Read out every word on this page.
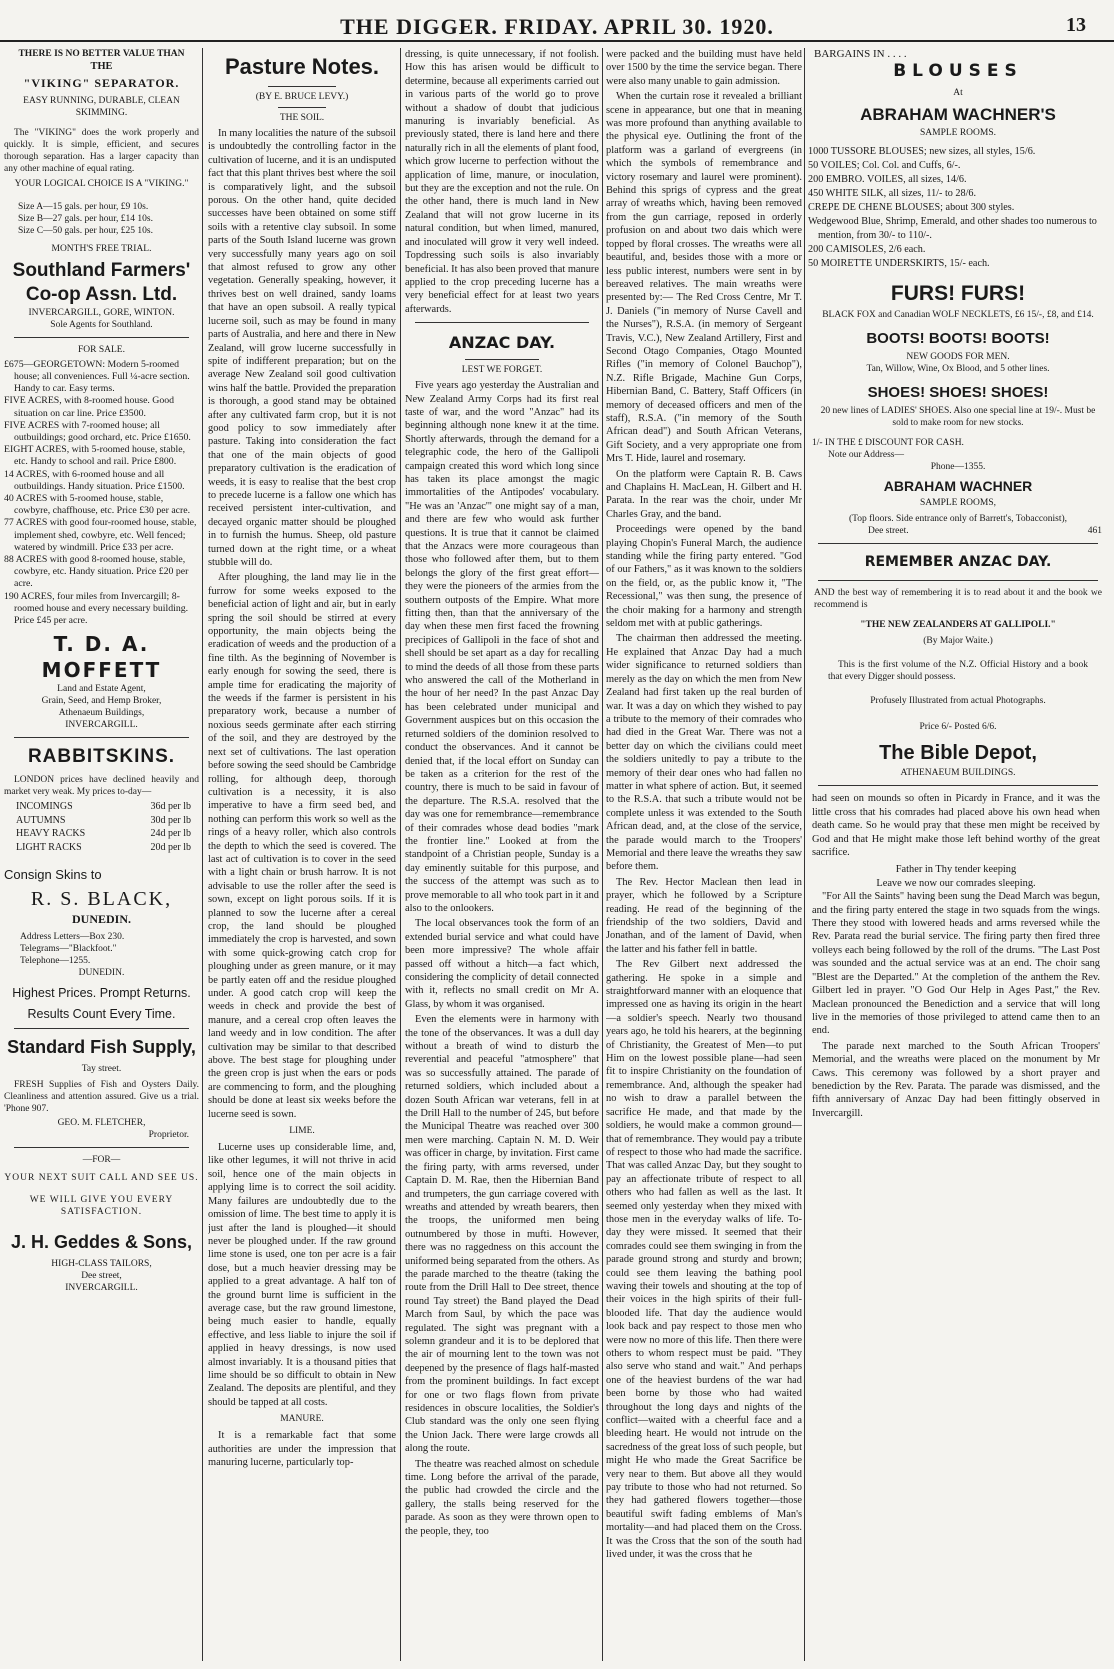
THE DIGGER. FRIDAY. APRIL 30. 1920.	13
THERE IS NO BETTER VALUE THAN
THE
"VIKING" SEPARATOR.
EASY RUNNING, DURABLE, CLEAN SKIMMING.

The "VIKING" does the work properly and quickly. It is simple, efficient, and secures thorough separation. Has a larger capacity than any other machine of equal rating.

YOUR LOGICAL CHOICE IS A "VIKING."
Size A—15 gals. per hour, £9 10s.
Size B—27 gals. per hour, £14 10s.
Size C—50 gals. per hour, £25 10s.
MONTH'S FREE TRIAL.
Southland Farmers' Co-op Assn. Ltd.
INVERCARGILL, GORE, WINTON.
Sole Agents for Southland.
FOR SALE.
£675—GEORGETOWN: Modern 5-roomed house; all conveniences. Full ¼-acre section. Handy to car. Easy terms.
FIVE ACRES, with 8-roomed house. Good situation on car line. Price £3500.
FIVE ACRES with 7-roomed house; all outbuildings; good orchard, etc. Price £1650.
EIGHT ACRES, with 5-roomed house, stable, etc. Handy to school and rail. Price £800.
14 ACRES, with 6-roomed house and all outbuildings. Handy situation. Price £1500.
40 ACRES with 5-roomed house, stable, cowbyre, chaffhouse, etc. Price £30 per acre.
77 ACRES with good four-roomed house, stable, implement shed, cowbyre, etc. Well fenced; watered by windmill. Price £33 per acre.
88 ACRES with good 8-roomed house, stable, cowbyre, etc. Handy situation. Price £20 per acre.
190 ACRES, four miles from Invercargill; 8-roomed house and every necessary building. Price £45 per acre.
T. D. A. MOFFETT
Land and Estate Agent,
Grain, Seed, and Hemp Broker,
Athenaeum Buildings,
INVERCARGILL.
RABBITSKINS.

LONDON prices have declined heavily and market very weak. My prices to-day—

INCOMINGS	36d per lb
AUTUMNS	30d per lb
HEAVY RACKS	24d per lb
LIGHT RACKS	20d per lb
Consign Skins to
R. S. BLACK,
DUNEDIN.
Address Letters—Box 230.
Telegrams—"Blackfoot."
Telephone—1255.
DUNEDIN.
Highest Prices. Prompt Returns.
Results Count Every Time.
Standard Fish Supply,
Tay street.

FRESH Supplies of Fish and Oysters Daily. Cleanliness and attention assured. Give us a trial. 'Phone 907.

GEO. M. FLETCHER,
Proprietor.
—FOR—
YOUR NEXT SUIT CALL AND SEE US.
WE WILL GIVE YOU EVERY SATISFACTION.
J. H. Geddes & Sons,
HIGH-CLASS TAILORS,
Dee street,
INVERCARGILL.
Pasture Notes.
(BY E. BRUCE LEVY.)
THE SOIL.

In many localities the nature of the subsoil is undoubtedly the controlling factor in the cultivation of lucerne, and it is an undisputed fact that this plant thrives best where the soil is comparatively light, and the subsoil porous. On the other hand, quite decided successes have been obtained on some stiff soils with a retentive clay subsoil. In some parts of the South Island lucerne was grown very successfully many years ago on soil that almost refused to grow any other vegetation. Generally speaking, however, it thrives best on well drained, sandy loams that have an open subsoil. A really typical lucerne soil, such as may be found in many parts of Australia, and here and there in New Zealand, will grow lucerne successfully in spite of indifferent preparation; but on the average New Zealand soil good cultivation wins half the battle. Provided the preparation is thorough, a good stand may be obtained after any cultivated farm crop, but it is not good policy to sow immediately after pasture. Taking into consideration the fact that one of the main objects of good preparatory cultivation is the eradication of weeds, it is easy to realise that the best crop to precede lucerne is a fallow one which has received persistent inter-cultivation, and decayed organic matter should be ploughed in to furnish the humus. Sheep, old pasture turned down at the right time, or a wheat stubble will do.

After ploughing, the land may lie in the furrow for some weeks exposed to the beneficial action of light and air, but in early spring the soil should be stirred at every opportunity, the main objects being the eradication of weeds and the production of a fine tilth. As the beginning of November is early enough for sowing the seed, there is ample time for eradicating the majority of the weeds if the farmer is persistent in his preparatory work, because a number of noxious seeds germinate after each stirring of the soil, and they are destroyed by the next set of cultivations. The last operation before sowing the seed should be Cambridge rolling, for although deep, thorough cultivation is a necessity, it is also imperative to have a firm seed bed, and nothing can perform this work so well as the rings of a heavy roller, which also controls the depth to which the seed is covered. The last act of cultivation is to cover in the seed with a light chain or brush harrow. It is not advisable to use the roller after the seed is sown, except on light porous soils. If it is planned to sow the lucerne after a cereal crop, the land should be ploughed immediately the crop is harvested, and sown with some quick-growing catch crop for ploughing under as green manure, or it may be partly eaten off and the residue ploughed under. A good catch crop will keep the weeds in check and provide the best of manure, and a cereal crop often leaves the land weedy and in low condition. The after cultivation may be similar to that described above. The best stage for ploughing under the green crop is just when the ears or pods are commencing to form, and the ploughing should be done at least six weeks before the lucerne seed is sown.

LIME.

Lucerne uses up considerable lime, and, like other legumes, it will not thrive in acid soil, hence one of the main objects in applying lime is to correct the soil acidity. Many failures are undoubtedly due to the omission of lime. The best time to apply it is just after the land is ploughed—it should never be ploughed under. If the raw ground lime stone is used, one ton per acre is a fair dose, but a much heavier dressing may be applied to a great advantage. A half ton of the ground burnt lime is sufficient in the average case, but the raw ground limestone, being much easier to handle, equally effective, and less liable to injure the soil if applied in heavy dressings, is now used almost invariably. It is a thousand pities that lime should be so difficult to obtain in New Zealand. The deposits are plentiful, and they should be tapped at all costs.

MANURE.

It is a remarkable fact that some authorities are under the impression that manuring lucerne, particularly top-

dressing, is quite unnecessary, if not foolish. How this has arisen would be difficult to determine, because all experiments carried out in various parts of the world go to prove without a shadow of doubt that judicious manuring is invariably beneficial. As previously stated, there is land here and there naturally rich in all the elements of plant food, which grow lucerne to perfection without the application of lime, manure, or inoculation, but they are the exception and not the rule. On the other hand, there is much land in New Zealand that will not grow lucerne in its natural condition, but when limed, manured, and inoculated will grow it very well indeed. Topdressing such soils is also invariably beneficial. It has also been proved that manure applied to the crop preceding lucerne has a very beneficial effect for at least two years afterwards.

ANZAC DAY.
LEST WE FORGET.

Five years ago yesterday the Australian and New Zealand Army Corps had its first real taste of war, and the word "Anzac" had its beginning although none knew it at the time. Shortly afterwards, through the demand for a telegraphic code, the hero of the Gallipoli campaign created this word which long since has taken its place amongst the magic immortalities of the Antipodes' vocabulary. "He was an 'Anzac'" one might say of a man, and there are few who would ask further questions. It is true that it cannot be claimed that the Anzacs were more courageous than those who followed after them, but to them belongs the glory of the first great effort—they were the pioneers of the armies from the southern outposts of the Empire. What more fitting then, than that the anniversary of the day when these men first faced the frowning precipices of Gallipoli in the face of shot and shell should be set apart as a day for recalling to mind the deeds of all those from these parts who answered the call of the Motherland in the hour of her need? In the past Anzac Day has been celebrated under municipal and Government auspices but on this occasion the returned soldiers of the dominion resolved to conduct the observances. And it cannot be denied that, if the local effort on Sunday can be taken as a criterion for the rest of the country, there is much to be said in favour of the departure. The R.S.A. resolved that the day was one for remembrance—remembrance of their comrades whose dead bodies "mark the frontier line." Looked at from the standpoint of a Christian people, Sunday is a day eminently suitable for this purpose, and the success of the attempt was such as to prove memorable to all who took part in it and also to the onlookers.

The local observances took the form of an extended burial service and what could have been more impressive? The whole affair passed off without a hitch—a fact which, considering the complicity of detail connected with it, reflects no small credit on Mr A. Glass, by whom it was organised.

Even the elements were in harmony with the tone of the observances. It was a dull day without a breath of wind to disturb the reverential and peaceful "atmosphere" that was so successfully attained. The parade of returned soldiers, which included about a dozen South African war veterans, fell in at the Drill Hall to the number of 245, but before the Municipal Theatre was reached over 300 men were marching. Captain N. M. D. Weir was officer in charge, by invitation. First came the firing party, with arms reversed, under Captain D. M. Rae, then the Hibernian Band and trumpeters, the gun carriage covered with wreaths and attended by wreath bearers, then the troops, the uniformed men being outnumbered by those in mufti. However, there was no raggedness on this account the uniformed being separated from the others. As the parade marched to the theatre (taking the route from the Drill Hall to Dee street, thence round Tay street) the Band played the Dead March from Saul, by which the pace was regulated. The sight was pregnant with a solemn grandeur and it is to be deplored that the air of mourning lent to the town was not deepened by the presence of flags half-masted from the prominent buildings. In fact except for one or two flags flown from private residences in obscure localities, the Soldier's Club standard was the only one seen flying the Union Jack. There were large crowds all along the route.

The theatre was reached almost on schedule time. Long before the arrival of the parade, the public had crowded the circle and the gallery, the stalls being reserved for the parade. As soon as they were thrown open to the people, they, too

were packed and the building must have held over 1500 by the time the service began. There were also many unable to gain admission.

When the curtain rose it revealed a brilliant scene in appearance, but one that in meaning was more profound than anything available to the physical eye. Outlining the front of the platform was a garland of evergreens (in which the symbols of remembrance and victory rosemary and laurel were prominent). Behind this sprigs of cypress and the great array of wreaths which, having been removed from the gun carriage, reposed in orderly profusion on and about two dais which were topped by floral crosses. The wreaths were all beautiful, and, besides those with a more or less public interest, numbers were sent in by bereaved relatives. The main wreaths were presented by:— The Red Cross Centre, Mr T. J. Daniels ("in memory of Nurse Cavell and the Nurses"), R.S.A. (in memory of Sergeant Travis, V.C.), New Zealand Artillery, First and Second Otago Companies, Otago Mounted Rifles ("in memory of Colonel Bauchop"), N.Z. Rifle Brigade, Machine Gun Corps, Hibernian Band, C. Battery, Staff Officers (in memory of deceased officers and men of the staff), R.S.A. ("in memory of the South African dead") and South African Veterans, Gift Society, and a very appropriate one from Mrs T. Hide, laurel and rosemary.

On the platform were Captain R. B. Caws and Chaplains H. MacLean, H. Gilbert and H. Parata. In the rear was the choir, under Mr Charles Gray, and the band.

Proceedings were opened by the band playing Chopin's Funeral March, the audience standing while the firing party entered. "God of our Fathers," as it was known to the soldiers on the field, or, as the public know it, "The Recessional," was then sung, the presence of the choir making for a harmony and strength seldom met with at public gatherings.

The chairman then addressed the meeting. He explained that Anzac Day had a much wider significance to returned soldiers than merely as the day on which the men from New Zealand had first taken up the real burden of war. It was a day on which they wished to pay a tribute to the memory of their comrades who had died in the Great War. There was not a better day on which the civilians could meet the soldiers unitedly to pay a tribute to the memory of their dear ones who had fallen no matter in what sphere of action. But, it seemed to the R.S.A. that such a tribute would not be complete unless it was extended to the South African dead, and, at the close of the service, the parade would march to the Troopers' Memorial and there leave the wreaths they saw before them.

The Rev. Hector Maclean then lead in prayer, which he followed by a Scripture reading. He read of the beginning of the friendship of the two soldiers, David and Jonathan, and of the lament of David, when the latter and his father fell in battle.

The Rev Gilbert next addressed the gathering. He spoke in a simple and straightforward manner with an eloquence that impressed one as having its origin in the heart—a soldier's speech. Nearly two thousand years ago, he told his hearers, at the beginning of Christianity, the Greatest of Men—to put Him on the lowest possible plane—had seen fit to inspire Christianity on the foundation of remembrance. And, although the speaker had no wish to draw a parallel between the sacrifice He made, and that made by the soldiers, he would make a common ground—that of remembrance. They would pay a tribute of respect to those who had made the sacrifice. That was called Anzac Day, but they sought to pay an affectionate tribute of respect to all others who had fallen as well as the last. It seemed only yesterday when they mixed with those men in the everyday walks of life. To-day they were missed. It seemed that their comrades could see them swinging in from the parade ground strong and sturdy and brown; could see them leaving the bathing pool waving their towels and shouting at the top of their voices in the high spirits of their full-blooded life. That day the audience would look back and pay respect to those men who were now no more of this life. Then there were others to whom respect must be paid. "They also serve who stand and wait." And perhaps one of the heaviest burdens of the war had been borne by those who had waited throughout the long days and nights of the conflict—waited with a cheerful face and a bleeding heart. He would not intrude on the sacredness of the great loss of such people, but might He who made the Great Sacrifice be very near to them. But above all they would pay tribute to those who had not returned. So they had gathered flowers together—those beautiful swift fading emblems of Man's mortality—and had placed them on the Cross. It was the Cross that the son of the south had lived under, it was the cross that he

BARGAINS IN . . . .
BLOUSES
At
ABRAHAM WACHNER'S
SAMPLE ROOMS.
1000 TUSSORE BLOUSES; new sizes, all styles, 15/6.
50 VOILES; Col. Col. and Cuffs, 6/-.
200 EMBRO. VOILES, all sizes, 14/6.
450 WHITE SILK, all sizes, 11/- to 28/6.
CREPE DE CHENE BLOUSES; about 300 styles.
Wedgewood Blue, Shrimp, Emerald, and other shades too numerous to mention, from 30/- to 110/-.
200 CAMISOLES, 2/6 each.
50 MOIRETTE UNDERSKIRTS, 15/- each.
FURS! FURS!
BLACK FOX and Canadian WOLF NECKLETS, £6 15/-, £8, and £14.
BOOTS! BOOTS! BOOTS!
NEW GOODS FOR MEN.
Tan, Willow, Wine, Ox Blood, and 5 other lines.
SHOES! SHOES! SHOES!
20 new lines of LADIES' SHOES. Also one special line at 19/-. Must be sold to make room for new stocks.
1/- IN THE £ DISCOUNT FOR CASH.
Note our Address—
Phone—1355.
ABRAHAM WACHNER
SAMPLE ROOMS,
(Top floors. Side entrance only of Barrett's, Tobacconist),
Dee street.	461
REMEMBER ANZAC DAY.

AND the best way of remembering it is to read about it and the book we recommend is

"THE NEW ZEALANDERS AT GALLIPOLI."
(By Major Waite.)

This is the first volume of the N.Z. Official History and a book that every Digger should possess.

Profusely Illustrated from actual Photographs.
Price 6/- Posted 6/6.
The Bible Depot,
ATHENAEUM BUILDINGS.

had seen on mounds so often in Picardy in France, and it was the little cross that his comrades had placed above his own head when death came. So he would pray that these men might be received by God and that He might make those left behind worthy of the great sacrifice.

Father in Thy tender keeping
Leave we now our comrades sleeping.

"For All the Saints" having been sung the Dead March was begun, and the firing party entered the stage in two squads from the wings. There they stood with lowered heads and arms reversed while the Rev. Parata read the burial service. The firing party then fired three volleys each being followed by the roll of the drums. "The Last Post was sounded and the actual service was at an end. The choir sang "Blest are the Departed." At the completion of the anthem the Rev. Gilbert led in prayer. "O God Our Help in Ages Past," the Rev. Maclean pronounced the Benediction and a service that will long live in the memories of those privileged to attend came then to an end.

The parade next marched to the South African Troopers' Memorial, and the wreaths were placed on the monument by Mr Caws. This ceremony was followed by a short prayer and benediction by the Rev. Parata. The parade was dismissed, and the fifth anniversary of Anzac Day had been fittingly observed in Invercargill.
